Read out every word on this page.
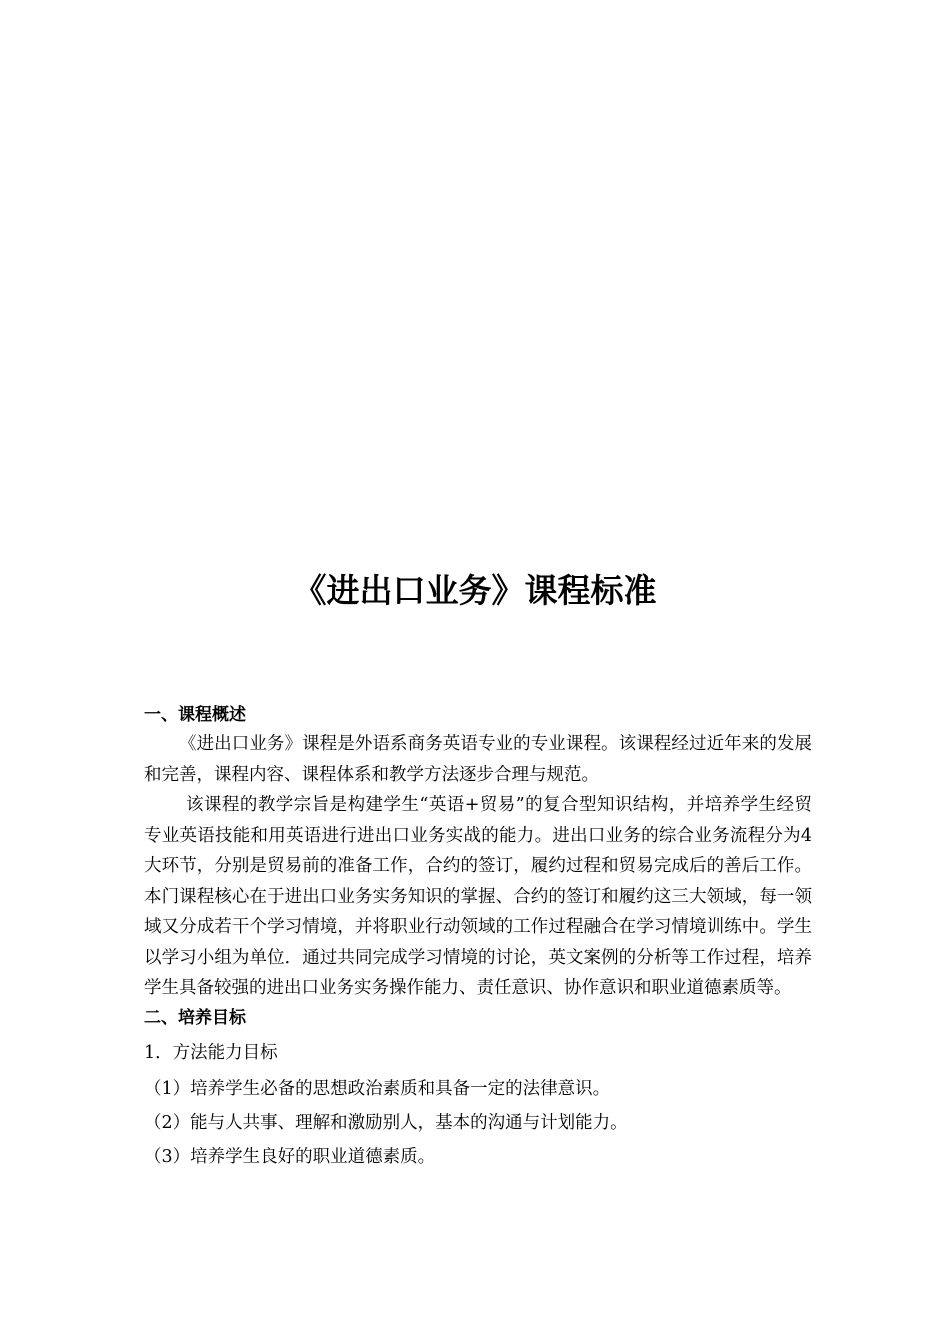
《进出口业务》课程标准
一、课程概述

《进出口业务》课程是外语系商务英语专业的专业课程。该课程经过近年来的发展和完善，课程内容、课程体系和教学方法逐步合理与规范。

该课程的教学宗旨是构建学生“英语+贸易”的复合型知识结构，并培养学生经贸专业英语技能和用英语进行进出口业务实战的能力。进出口业务的综合业务流程分为4大环节，分别是贸易前的准备工作，合约的签订，履约过程和贸易完成后的善后工作。本门课程核心在于进出口业务实务知识的掌握、合约的签订和履约这三大领域，每一领域又分成若干个学习情境，并将职业行动领域的工作过程融合在学习情境训练中。学生以学习小组为单位．通过共同完成学习情境的讨论，英文案例的分析等工作过程，培养学生具备较强的进出口业务实务操作能力、责任意识、协作意识和职业道德素质等。

二、培养目标

1．方法能力目标

（1）培养学生必备的思想政治素质和具备一定的法律意识。

（2）能与人共事、理解和激励别人，基本的沟通与计划能力。

（3）培养学生良好的职业道德素质。
